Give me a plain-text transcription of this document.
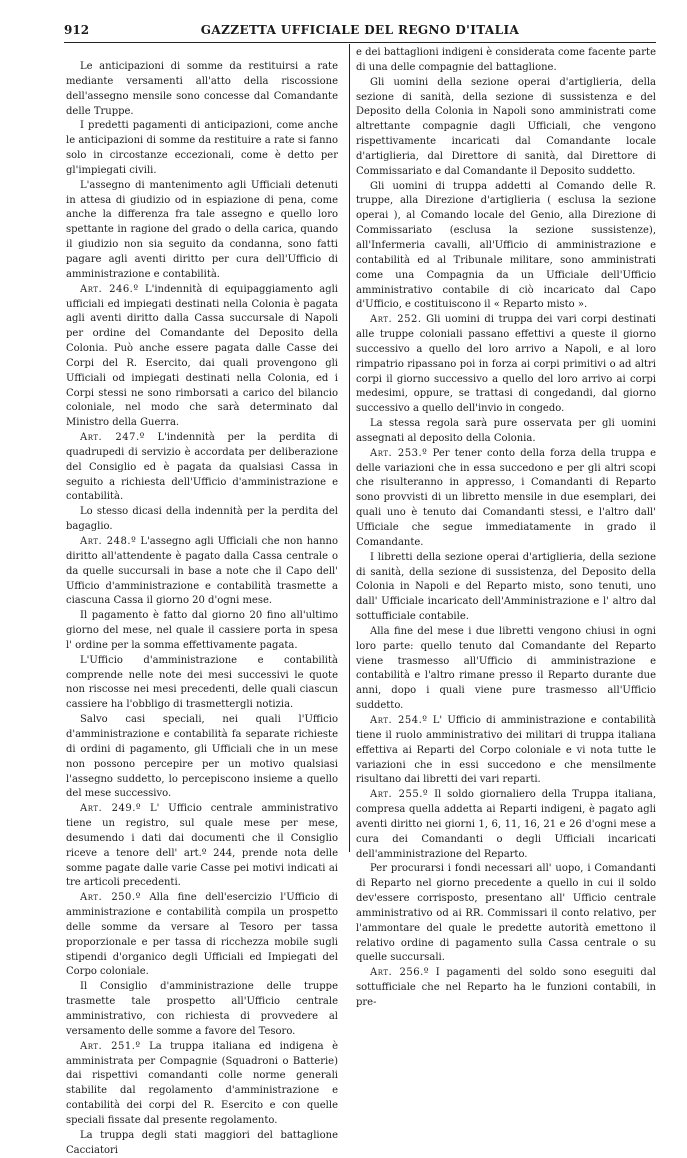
912	GAZZETTA UFFICIALE DEL REGNO D'ITALIA

Le anticipazioni di somme da restituirsi a rate mediante versamenti all'atto della riscossione dell'assegno mensile sono concesse dal Comandante delle Truppe.

I predetti pagamenti di anticipazioni, come anche le anticipazioni di somme da restituire a rate si fanno solo in circostanze eccezionali, come è detto per gl'impiegati civili.

L'assegno di mantenimento agli Ufficiali detenuti in attesa di giudizio od in espiazione di pena, come anche la differenza fra tale assegno e quello loro spettante in ragione del grado o della carica, quando il giudizio non sia seguito da condanna, sono fatti pagare agli aventi diritto per cura dell'Ufficio di amministrazione e contabilità.

Art. 246.º L'indennità di equipaggiamento agli ufficiali ed impiegati destinati nella Colonia è pagata agli aventi diritto dalla Cassa succursale di Napoli per ordine del Comandante del Deposito della Colonia. Può anche essere pagata dalle Casse dei Corpi del R. Esercito, dai quali provengono gli Ufficiali od impiegati destinati nella Colonia, ed i Corpi stessi ne sono rimborsati a carico del bilancio coloniale, nel modo che sarà determinato dal Ministro della Guerra.

Art. 247.º L'indennità per la perdita di quadrupedi di servizio è accordata per deliberazione del Consiglio ed è pagata da qualsiasi Cassa in seguito a richiesta dell'Ufficio d'amministrazione e contabilità.

Lo stesso dicasi della indennità per la perdita del bagaglio.

Art. 248.º L'assegno agli Ufficiali che non hanno diritto all'attendente è pagato dalla Cassa centrale o da quelle succursali in base a note che il Capo dell' Ufficio d'amministrazione e contabilità trasmette a ciascuna Cassa il giorno 20 d'ogni mese.

Il pagamento è fatto dal giorno 20 fino all'ultimo giorno del mese, nel quale il cassiere porta in spesa l' ordine per la somma effettivamente pagata.

L'Ufficio d'amministrazione e contabilità comprende nelle note dei mesi successivi le quote non riscosse nei mesi precedenti, delle quali ciascun cassiere ha l'obbligo di trasmettergli notizia.

Salvo casi speciali, nei quali l'Ufficio d'amministrazione e contabilità fa separate richieste di ordini di pagamento, gli Ufficiali che in un mese non possono percepire per un motivo qualsiasi l'assegno suddetto, lo percepiscono insieme a quello del mese successivo.

Art. 249.º L' Ufficio centrale amministrativo tiene un registro, sul quale mese per mese, desumendo i dati dai documenti che il Consiglio riceve a tenore dell' art.º 244, prende nota delle somme pagate dalle varie Casse pei motivi indicati ai tre articoli precedenti.

Art. 250.º Alla fine dell'esercizio l'Ufficio di amministrazione e contabilità compila un prospetto delle somme da versare al Tesoro per tassa proporzionale e per tassa di ricchezza mobile sugli stipendi d'organico degli Ufficiali ed Impiegati del Corpo coloniale.

Il Consiglio d'amministrazione delle truppe trasmette tale prospetto all'Ufficio centrale amministrativo, con richiesta di provvedere al versamento delle somme a favore del Tesoro.

Art. 251.º La truppa italiana ed indigena è amministrata per Compagnie (Squadroni o Batterie) dai rispettivi comandanti colle norme generali stabilite dal regolamento d'amministrazione e contabilità dei corpi del R. Esercito e con quelle speciali fissate dal presente regolamento.

La truppa degli stati maggiori del battaglione Cacciatori

e dei battaglioni indigeni è considerata come facente parte di una delle compagnie del battaglione.

Gli uomini della sezione operai d'artiglieria, della sezione di sanità, della sezione di sussistenza e del Deposito della Colonia in Napoli sono amministrati come altrettante compagnie dagli Ufficiali, che vengono rispettivamente incaricati dal Comandante locale d'artiglieria, dal Direttore di sanità, dal Direttore di Commissariato e dal Comandante il Deposito suddetto.

Gli uomini di truppa addetti al Comando delle R. truppe, alla Direzione d'artiglieria ( esclusa la sezione operai ), al Comando locale del Genio, alla Direzione di Commissariato (esclusa la sezione sussistenze), all'Infermeria cavalli, all'Ufficio di amministrazione e contabilità ed al Tribunale militare, sono amministrati come una Compagnia da un Ufficiale dell'Ufficio amministrativo contabile di ciò incaricato dal Capo d'Ufficio, e costituiscono il « Reparto misto ».

Art. 252. Gli uomini di truppa dei vari corpi destinati alle truppe coloniali passano effettivi a queste il giorno successivo a quello del loro arrivo a Napoli, e al loro rimpatrio ripassano poi in forza ai corpi primitivi o ad altri corpi il giorno successivo a quello del loro arrivo ai corpi medesimi, oppure, se trattasi di congedandi, dal giorno successivo a quello dell'invio in congedo.

La stessa regola sarà pure osservata per gli uomini assegnati al deposito della Colonia.

Art. 253.º Per tener conto della forza della truppa e delle variazioni che in essa succedono e per gli altri scopi che risulteranno in appresso, i Comandanti di Reparto sono provvisti di un libretto mensile in due esemplari, dei quali uno è tenuto dai Comandanti stessi, e l'altro dall' Ufficiale che segue immediatamente in grado il Comandante.

I libretti della sezione operai d'artiglieria, della sezione di sanità, della sezione di sussistenza, del Deposito della Colonia in Napoli e del Reparto misto, sono tenuti, uno dall' Ufficiale incaricato dell'Amministrazione e l' altro dal sottufficiale contabile.

Alla fine del mese i due libretti vengono chiusi in ogni loro parte: quello tenuto dal Comandante del Reparto viene trasmesso all'Ufficio di amministrazione e contabilità e l'altro rimane presso il Reparto durante due anni, dopo i quali viene pure trasmesso all'Ufficio suddetto.

Art. 254.º L' Ufficio di amministrazione e contabilità tiene il ruolo amministrativo dei militari di truppa italiana effettiva ai Reparti del Corpo coloniale e vi nota tutte le variazioni che in essi succedono e che mensilmente risultano dai libretti dei vari reparti.

Art. 255.º Il soldo giornaliero della Truppa italiana, compresa quella addetta ai Reparti indigeni, è pagato agli aventi diritto nei giorni 1, 6, 11, 16, 21 e 26 d'ogni mese a cura dei Comandanti o degli Ufficiali incaricati dell'amministrazione del Reparto.

Per procurarsi i fondi necessari all' uopo, i Comandanti di Reparto nel giorno precedente a quello in cui il soldo dev'essere corrisposto, presentano all' Ufficio centrale amministrativo od ai RR. Commissari il conto relativo, per l'ammontare del quale le predette autorità emettono il relativo ordine di pagamento sulla Cassa centrale o su quelle succursali.

Art. 256.º I pagamenti del soldo sono eseguiti dal sottufficiale che nel Reparto ha le funzioni contabili, in pre-
